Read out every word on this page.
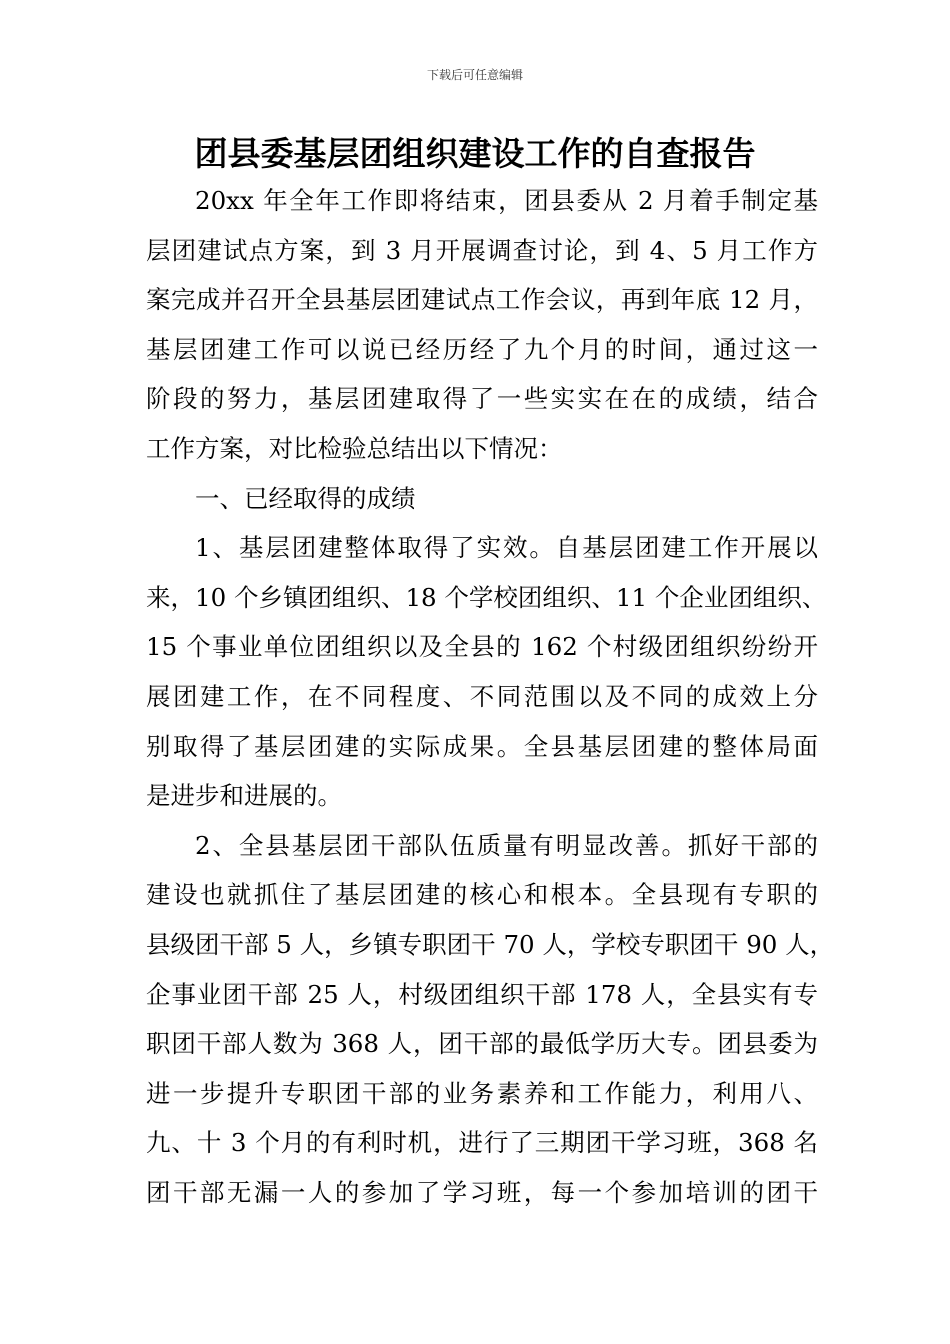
下载后可任意编辑
团县委基层团组织建设工作的自查报告
20xx 年全年工作即将结束，团县委从 2 月着手制定基
层团建试点方案，到 3 月开展调查讨论，到 4、5 月工作方
案完成并召开全县基层团建试点工作会议，再到年底 12 月，
基层团建工作可以说已经历经了九个月的时间，通过这一
阶段的努力，基层团建取得了一些实实在在的成绩，结合
工作方案，对比检验总结出以下情况：
一、已经取得的成绩
1、基层团建整体取得了实效。自基层团建工作开展以
来，10 个乡镇团组织、18 个学校团组织、11 个企业团组织、
15 个事业单位团组织以及全县的 162 个村级团组织纷纷开
展团建工作，在不同程度、不同范围以及不同的成效上分
别取得了基层团建的实际成果。全县基层团建的整体局面
是进步和进展的。
2、全县基层团干部队伍质量有明显改善。抓好干部的
建设也就抓住了基层团建的核心和根本。全县现有专职的
县级团干部 5 人，乡镇专职团干 70 人，学校专职团干 90 人，
企事业团干部 25 人，村级团组织干部 178 人，全县实有专
职团干部人数为 368 人，团干部的最低学历大专。团县委为
进一步提升专职团干部的业务素养和工作能力，利用八、
九、十 3 个月的有利时机，进行了三期团干学习班，368 名
团干部无漏一人的参加了学习班，每一个参加培训的团干
